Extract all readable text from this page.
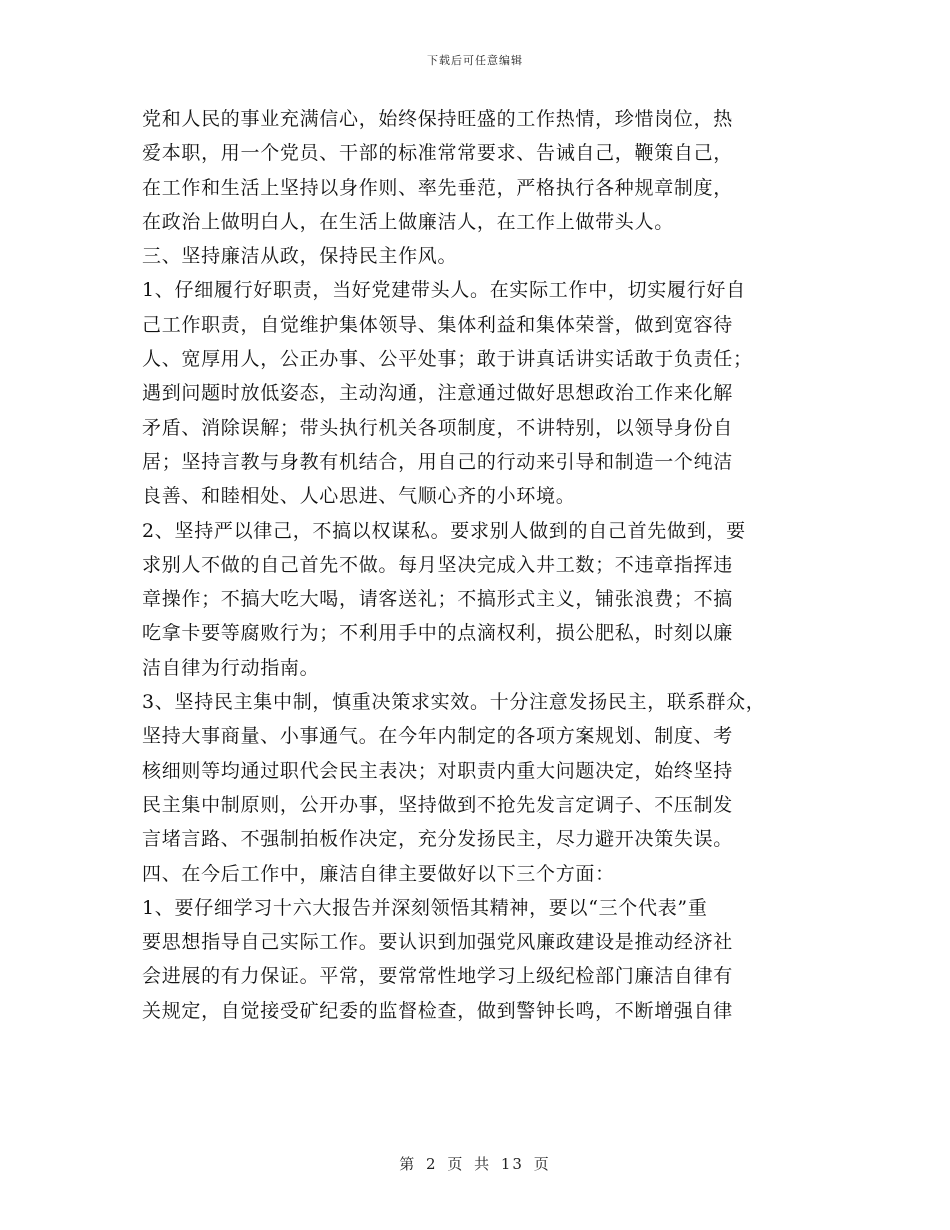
下载后可任意编辑
党和人民的事业充满信心，始终保持旺盛的工作热情，珍惜岗位，热
爱本职，用一个党员、干部的标准常常要求、告诫自己，鞭策自己，
在工作和生活上坚持以身作则、率先垂范，严格执行各种规章制度，
在政治上做明白人，在生活上做廉洁人，在工作上做带头人。
三、坚持廉洁从政，保持民主作风。
1、仔细履行好职责，当好党建带头人。在实际工作中，切实履行好自
己工作职责，自觉维护集体领导、集体利益和集体荣誉，做到宽容待
人、宽厚用人，公正办事、公平处事；敢于讲真话讲实话敢于负责任；
遇到问题时放低姿态，主动沟通，注意通过做好思想政治工作来化解
矛盾、消除误解；带头执行机关各项制度，不讲特别，以领导身份自
居；坚持言教与身教有机结合，用自己的行动来引导和制造一个纯洁
良善、和睦相处、人心思进、气顺心齐的小环境。
2、坚持严以律己，不搞以权谋私。要求别人做到的自己首先做到，要
求别人不做的自己首先不做。每月坚决完成入井工数；不违章指挥违
章操作；不搞大吃大喝，请客送礼；不搞形式主义，铺张浪费；不搞
吃拿卡要等腐败行为；不利用手中的点滴权利，损公肥私，时刻以廉
洁自律为行动指南。
3、坚持民主集中制，慎重决策求实效。十分注意发扬民主，联系群众，
坚持大事商量、小事通气。在今年内制定的各项方案规划、制度、考
核细则等均通过职代会民主表决；对职责内重大问题决定，始终坚持
民主集中制原则，公开办事，坚持做到不抢先发言定调子、不压制发
言堵言路、不强制拍板作决定，充分发扬民主，尽力避开决策失误。
四、在今后工作中，廉洁自律主要做好以下三个方面：
1、要仔细学习十六大报告并深刻领悟其精神，要以“三个代表”重
要思想指导自己实际工作。要认识到加强党风廉政建设是推动经济社
会进展的有力保证。平常，要常常性地学习上级纪检部门廉洁自律有
关规定，自觉接受矿纪委的监督检查，做到警钟长鸣，不断增强自律
第 2 页 共 13 页
